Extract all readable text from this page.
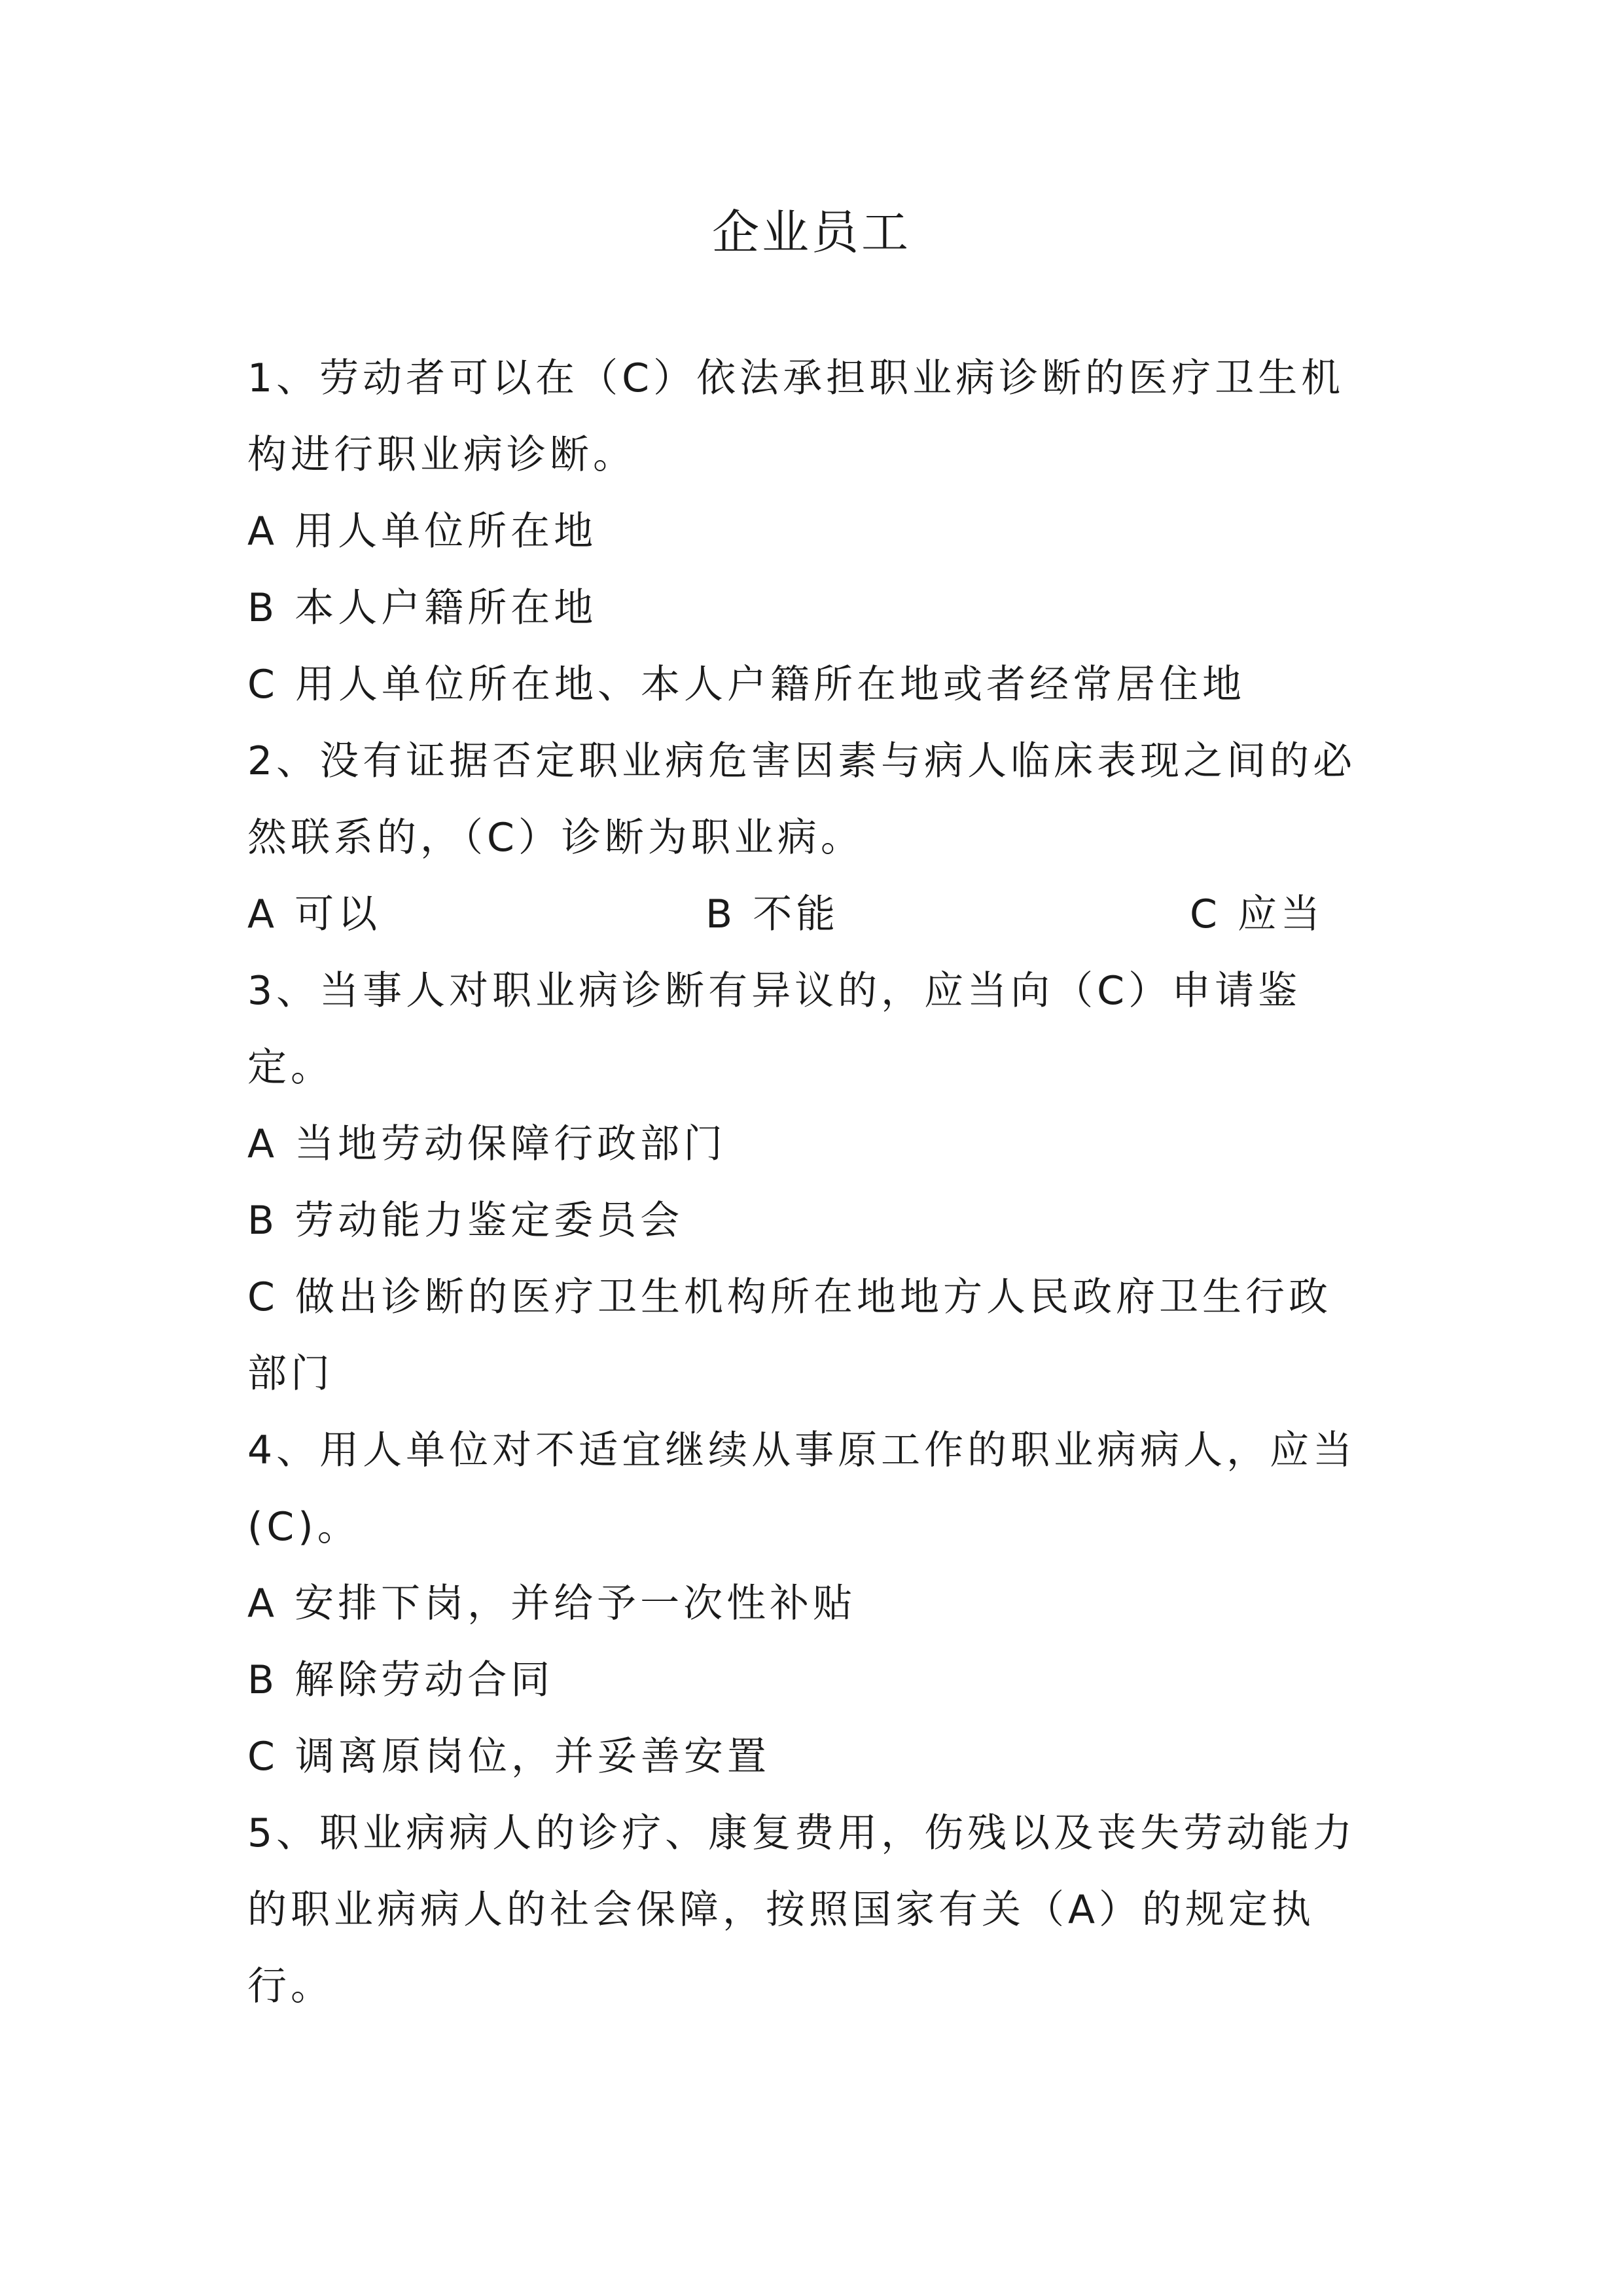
企业员工
1、劳动者可以在（C）依法承担职业病诊断的医疗卫生机
构进行职业病诊断。
A 用人单位所在地
B 本人户籍所在地
C 用人单位所在地、本人户籍所在地或者经常居住地
2、没有证据否定职业病危害因素与病人临床表现之间的必
然联系的，（C）诊断为职业病。
A 可以	B 不能	C 应当
3、当事人对职业病诊断有异议的，应当向（C）申请鉴
定。
A 当地劳动保障行政部门
B 劳动能力鉴定委员会
C 做出诊断的医疗卫生机构所在地地方人民政府卫生行政
部门
4、用人单位对不适宜继续从事原工作的职业病病人，应当
(C)。
A 安排下岗，并给予一次性补贴
B 解除劳动合同
C 调离原岗位，并妥善安置
5、职业病病人的诊疗、康复费用，伤残以及丧失劳动能力
的职业病病人的社会保障，按照国家有关（A）的规定执
行。
